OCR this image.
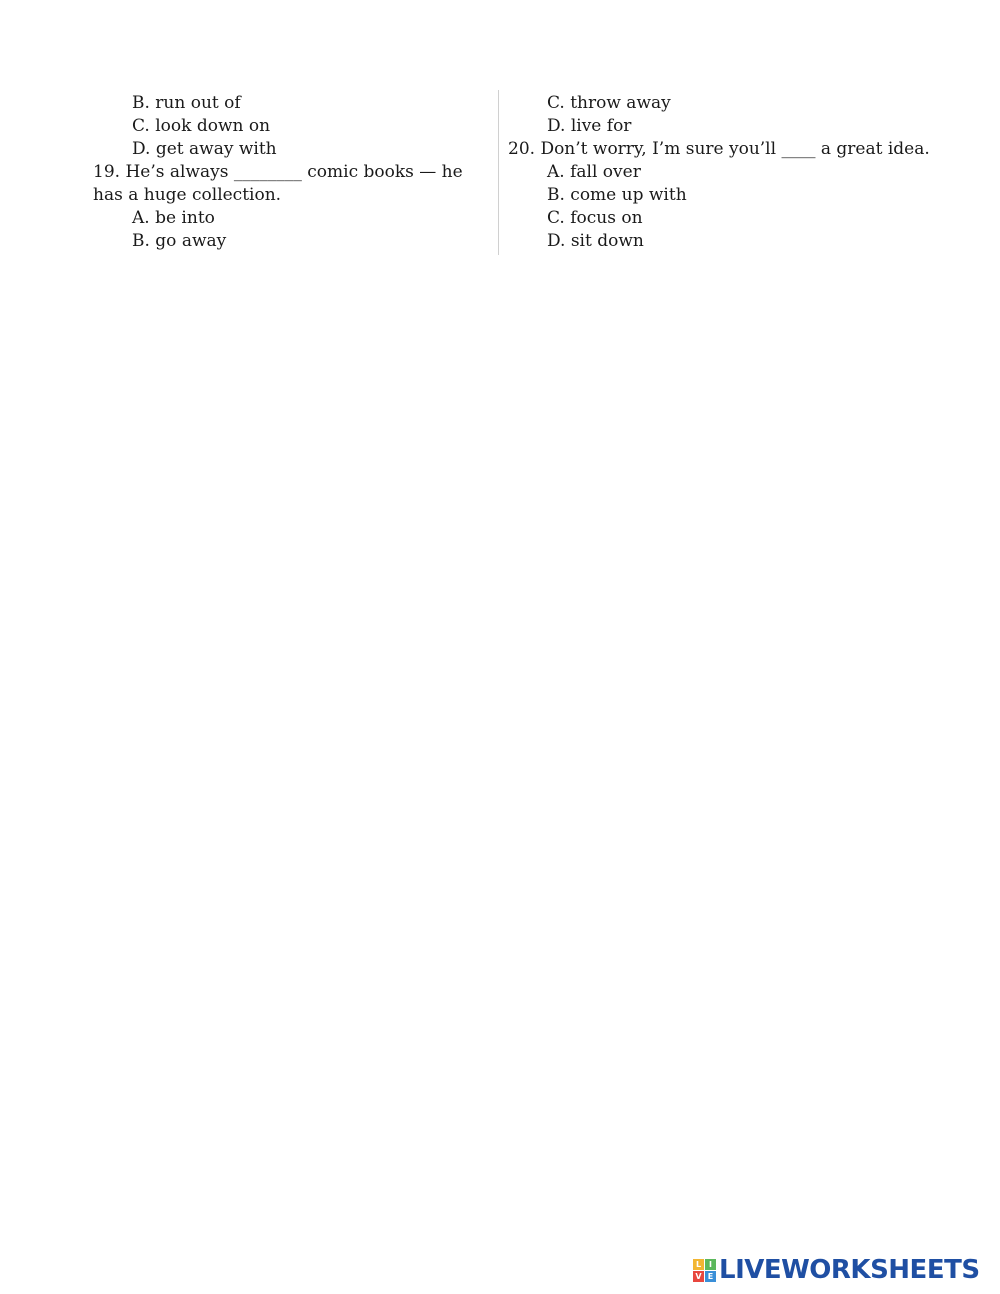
B. run out of
C. look down on
D. get away with
19. He’s always ________ comic books — he has a huge collection.
A. be into
B. go away
C. throw away
D. live for
20. Don’t worry, I’m sure you’ll ____ a great idea.
A. fall over
B. come up with
C. focus on
D. sit down
L I
V E LIVEWORKSHEETS
